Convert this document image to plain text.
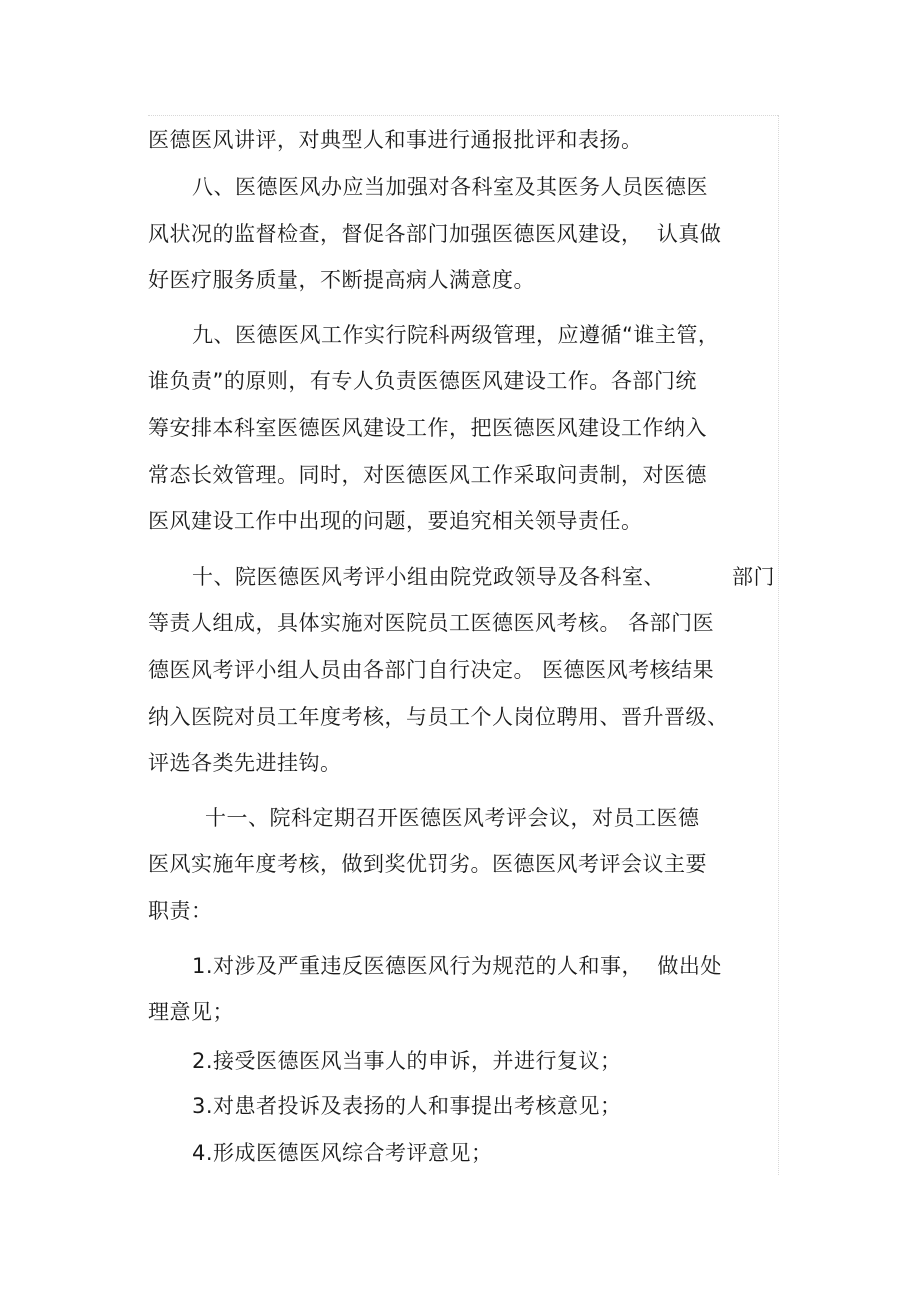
医德医风讲评，对典型人和事进行通报批评和表扬。
八、医德医风办应当加强对各科室及其医务人员医德医
风状况的监督检查，督促各部门加强医德医风建设，  认真做
好医疗服务质量，不断提高病人满意度。
九、医德医风工作实行院科两级管理，应遵循“谁主管，
谁负责”的原则，有专人负责医德医风建设工作。各部门统
筹安排本科室医德医风建设工作，把医德医风建设工作纳入
常态长效管理。同时，对医德医风工作采取问责制，对医德
医风建设工作中出现的问题，要追究相关领导责任。
十、院医德医风考评小组由院党政领导及各科室、	部门
等责人组成，具体实施对医院员工医德医风考核。 各部门医
德医风考评小组人员由各部门自行决定。 医德医风考核结果
纳入医院对员工年度考核，与员工个人岗位聘用、晋升晋级、
评选各类先进挂钩。
十一、院科定期召开医德医风考评会议，对员工医德
医风实施年度考核，做到奖优罚劣。医德医风考评会议主要
职责：
1.对涉及严重违反医德医风行为规范的人和事，  做出处
理意见；
2.接受医德医风当事人的申诉，并进行复议；
3.对患者投诉及表扬的人和事提出考核意见；
4.形成医德医风综合考评意见；
